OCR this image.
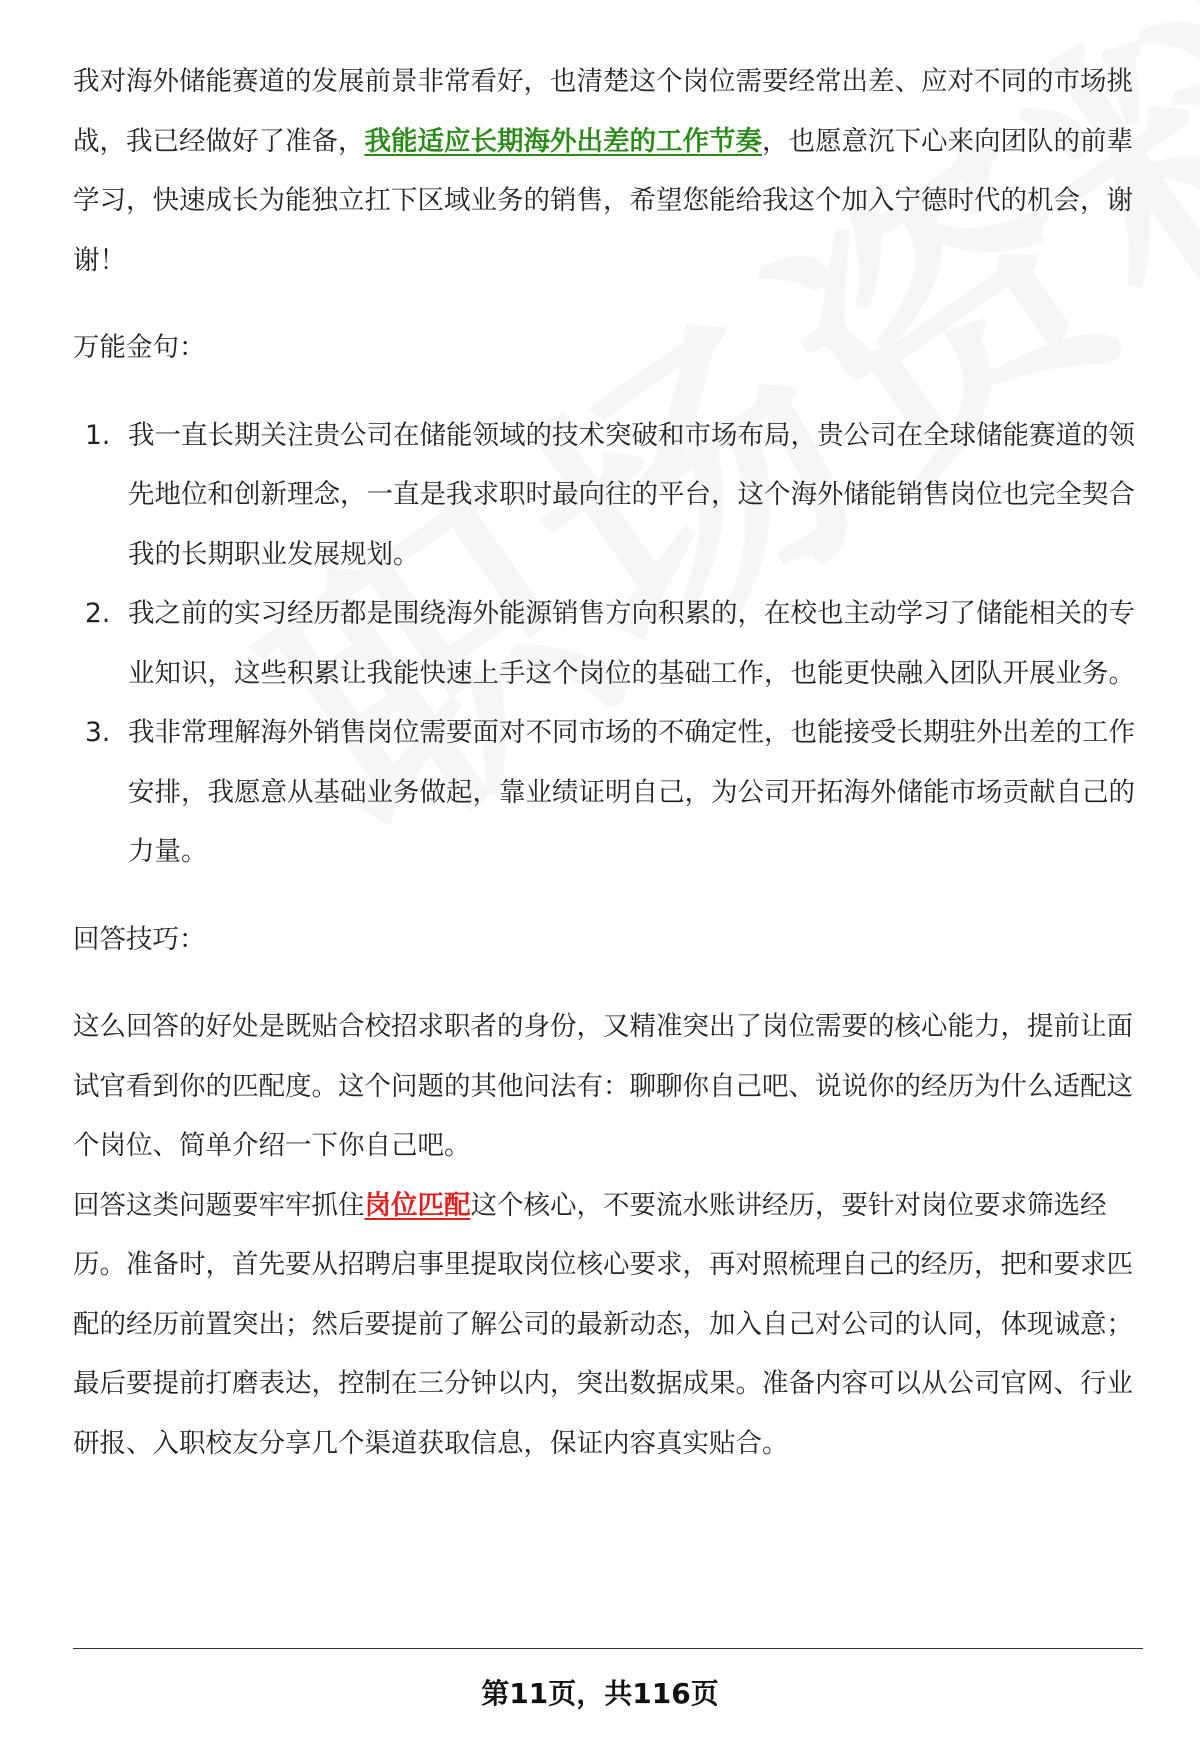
我对海外储能赛道的发展前景非常看好，也清楚这个岗位需要经常出差、应对不同的市场挑战，我已经做好了准备，我能适应长期海外出差的工作节奏，也愿意沉下心来向团队的前辈学习，快速成长为能独立扛下区域业务的销售，希望您能给我这个加入宁德时代的机会，谢谢！

万能金句：

1. 我一直长期关注贵公司在储能领域的技术突破和市场布局，贵公司在全球储能赛道的领先地位和创新理念，一直是我求职时最向往的平台，这个海外储能销售岗位也完全契合我的长期职业发展规划。
2. 我之前的实习经历都是围绕海外能源销售方向积累的，在校也主动学习了储能相关的专业知识，这些积累让我能快速上手这个岗位的基础工作，也能更快融入团队开展业务。
3. 我非常理解海外销售岗位需要面对不同市场的不确定性，也能接受长期驻外出差的工作安排，我愿意从基础业务做起，靠业绩证明自己，为公司开拓海外储能市场贡献自己的力量。

回答技巧：

这么回答的好处是既贴合校招求职者的身份，又精准突出了岗位需要的核心能力，提前让面试官看到你的匹配度。这个问题的其他问法有：聊聊你自己吧、说说你的经历为什么适配这个岗位、简单介绍一下你自己吧。

回答这类问题要牢牢抓住岗位匹配这个核心，不要流水账讲经历，要针对岗位要求筛选经历。准备时，首先要从招聘启事里提取岗位核心要求，再对照梳理自己的经历，把和要求匹配的经历前置突出；然后要提前了解公司的最新动态，加入自己对公司的认同，体现诚意；最后要提前打磨表达，控制在三分钟以内，突出数据成果。准备内容可以从公司官网、行业研报、入职校友分享几个渠道获取信息，保证内容真实贴合。

第11页，共116页
